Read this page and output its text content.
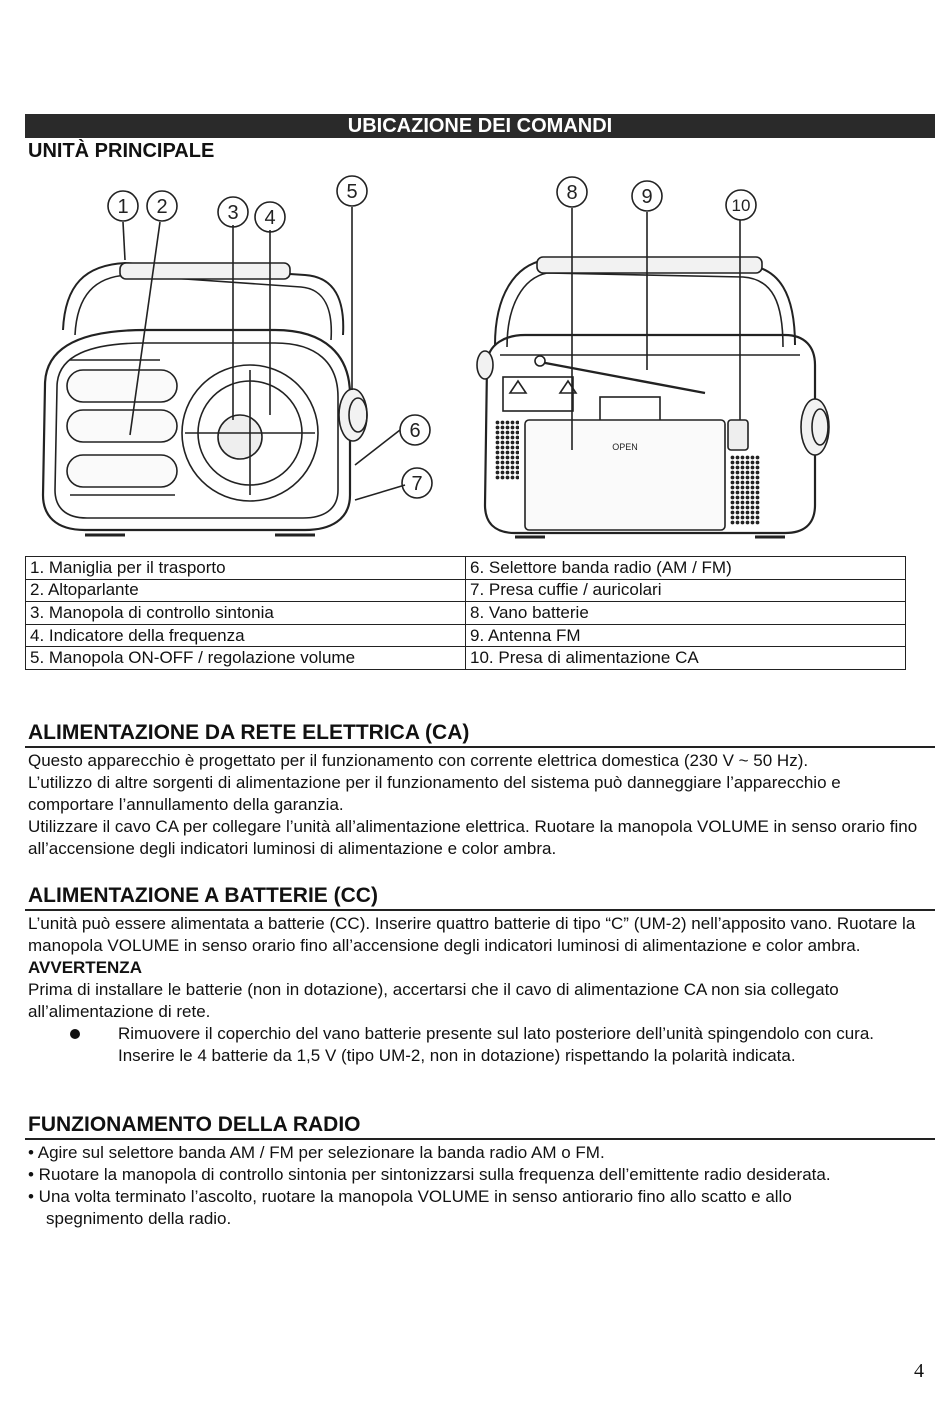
UBICAZIONE DEI COMANDI
UNITÀ PRINCIPALE
1 2	3 4
5
6
7
OPEN
8	9	10
1. Maniglia per il trasporto	6. Selettore banda radio (AM / FM)
2. Altoparlante	7. Presa cuffie / auricolari
3. Manopola di controllo sintonia	8. Vano batterie
4. Indicatore della frequenza	9. Antenna FM
5. Manopola ON-OFF / regolazione volume	10. Presa di alimentazione CA
ALIMENTAZIONE DA RETE ELETTRICA (CA)

Questo apparecchio è progettato per il funzionamento con corrente elettrica domestica (230 V ~ 50 Hz).

L’utilizzo di altre sorgenti di alimentazione per il funzionamento del sistema può danneggiare l’apparecchio e comportare l’annullamento della garanzia.

Utilizzare il cavo CA per collegare l’unità all’alimentazione elettrica. Ruotare la manopola VOLUME in senso orario fino all’accensione degli indicatori luminosi di alimentazione e color ambra.

ALIMENTAZIONE A BATTERIE (CC)

L’unità può essere alimentata a batterie (CC). Inserire quattro batterie di tipo “C” (UM-2) nell’apposito vano. Ruotare la manopola VOLUME in senso orario fino all’accensione degli indicatori luminosi di alimentazione e color ambra.

AVVERTENZA

Prima di installare le batterie (non in dotazione), accertarsi che il cavo di alimentazione CA non sia collegato all’alimentazione di rete.

Rimuovere il coperchio del vano batterie presente sul lato posteriore dell’unità spingendolo con cura. Inserire le 4 batterie da 1,5 V (tipo UM-2, non in dotazione) rispettando la polarità indicata.
FUNZIONAMENTO DELLA RADIO

• Agire sul selettore banda AM / FM per selezionare la banda radio AM o FM.

• Ruotare la manopola di controllo sintonia per sintonizzarsi sulla frequenza dell’emittente radio desiderata.

• Una volta terminato l’ascolto, ruotare la manopola VOLUME in senso antiorario fino allo scatto e allo

spegnimento della radio.

4
